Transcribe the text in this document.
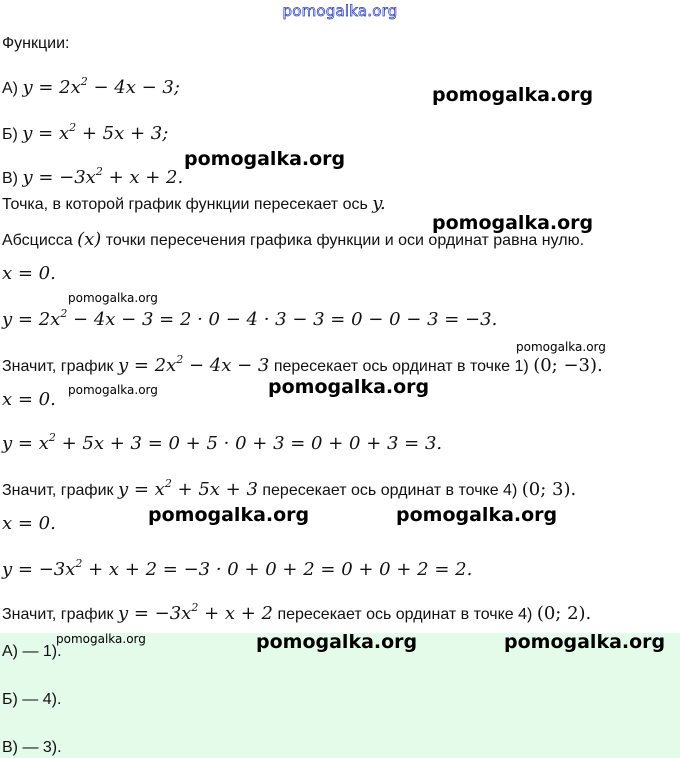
pomogalka.org
Функции:
А) $y = 2x^2 - 4x - 3$;
Б) $y = x^2 + 5x + 3$;
В) $y = -3x^2 + x + 2$.
Точка, в которой график функции пересекает ось y.
Абсцисса (x) точки пересечения графика функции и оси ординат равна нулю.
x = 0.
$y = 2x^2 - 4x - 3 = 2 \cdot 0 - 4 \cdot 3 - 3 = 0 - 0 - 3 = -3$.
Значит, график $y = 2x^2 - 4x - 3$ пересекает ось ординат в точке 1) (0; −3).
x = 0.
$y = x^2 + 5x + 3 = 0 + 5 \cdot 0 + 3 = 0 + 0 + 3 = 3$.
Значит, график $y = x^2 + 5x + 3$ пересекает ось ординат в точке 4) (0; 3).
x = 0.
$y = -3x^2 + x + 2 = -3 \cdot 0 + 0 + 2 = 0 + 0 + 2 = 2$.
Значит, график $y = -3x^2 + x + 2$ пересекает ось ординат в точке 4) (0; 2).
А) — 1).
Б) — 4).
В) — 3).
pomogalka.org
pomogalka.org
pomogalka.org
pomogalka.org
pomogalka.org
pomogalka.org	pomogalka.org
pomogalka.org	pomogalka.org
pomogalka.org	pomogalka.org	pomogalka.org
